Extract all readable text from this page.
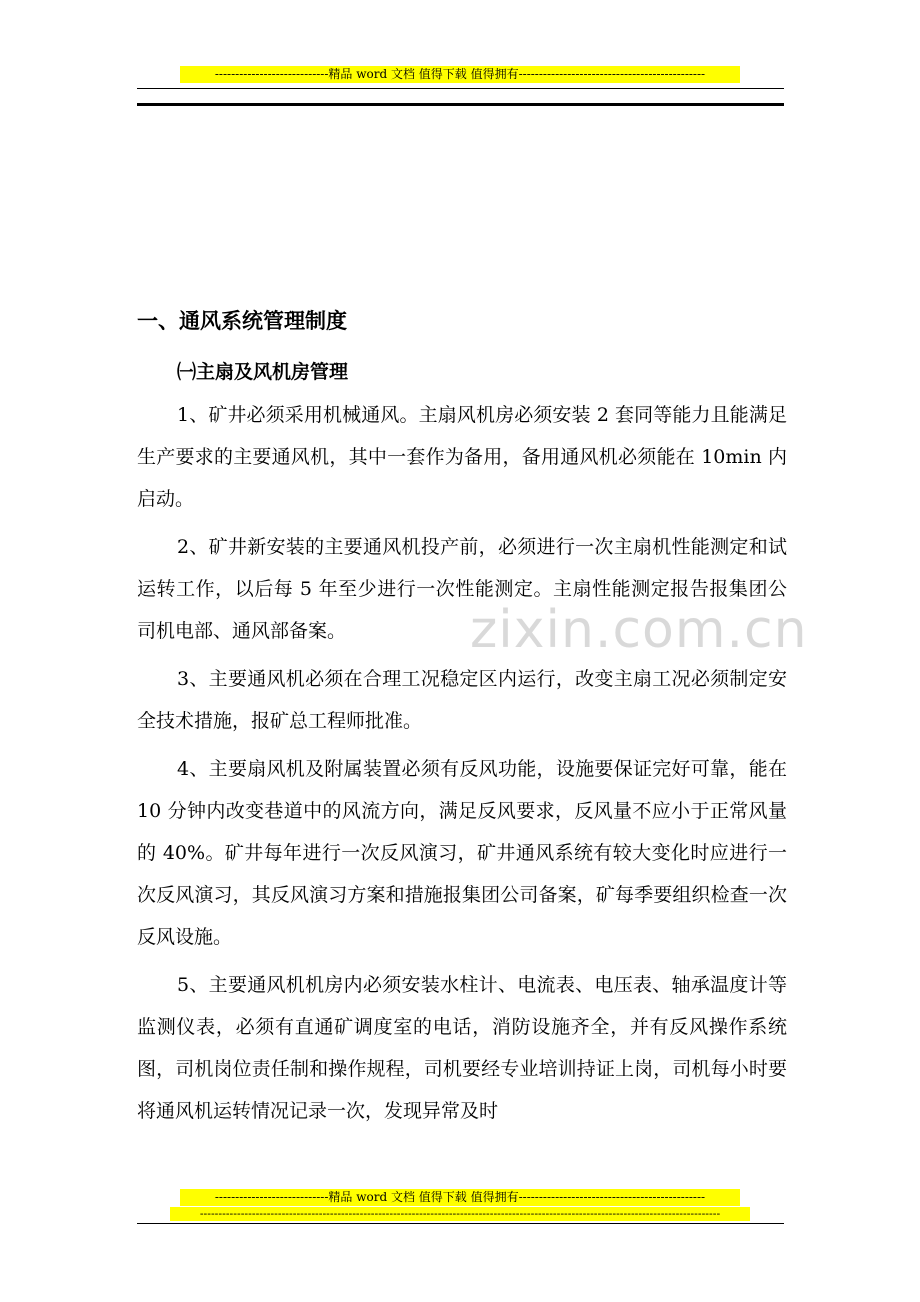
----------------------------精品 word 文档 值得下载 值得拥有----------------------------------------------
zixin.com.cn
一、通风系统管理制度
㈠主扇及风机房管理

1、矿井必须采用机械通风。主扇风机房必须安装 2 套同等能力且能满足生产要求的主要通风机，其中一套作为备用，备用通风机必须能在 10min 内启动。

2、矿井新安装的主要通风机投产前，必须进行一次主扇机性能测定和试运转工作，以后每 5 年至少进行一次性能测定。主扇性能测定报告报集团公司机电部、通风部备案。

3、主要通风机必须在合理工况稳定区内运行，改变主扇工况必须制定安全技术措施，报矿总工程师批准。

4、主要扇风机及附属装置必须有反风功能，设施要保证完好可靠，能在 10 分钟内改变巷道中的风流方向，满足反风要求，反风量不应小于正常风量的 40%。矿井每年进行一次反风演习，矿井通风系统有较大变化时应进行一次反风演习，其反风演习方案和措施报集团公司备案，矿每季要组织检查一次反风设施。

5、主要通风机机房内必须安装水柱计、电流表、电压表、轴承温度计等监测仪表，必须有直通矿调度室的电话，消防设施齐全，并有反风操作系统图，司机岗位责任制和操作规程，司机要经专业培训持证上岗，司机每小时要将通风机运转情况记录一次，发现异常及时

----------------------------精品 word 文档 值得下载 值得拥有----------------------------------------------
--------------------------------------------------------------------------------------------------------------------------------------------
